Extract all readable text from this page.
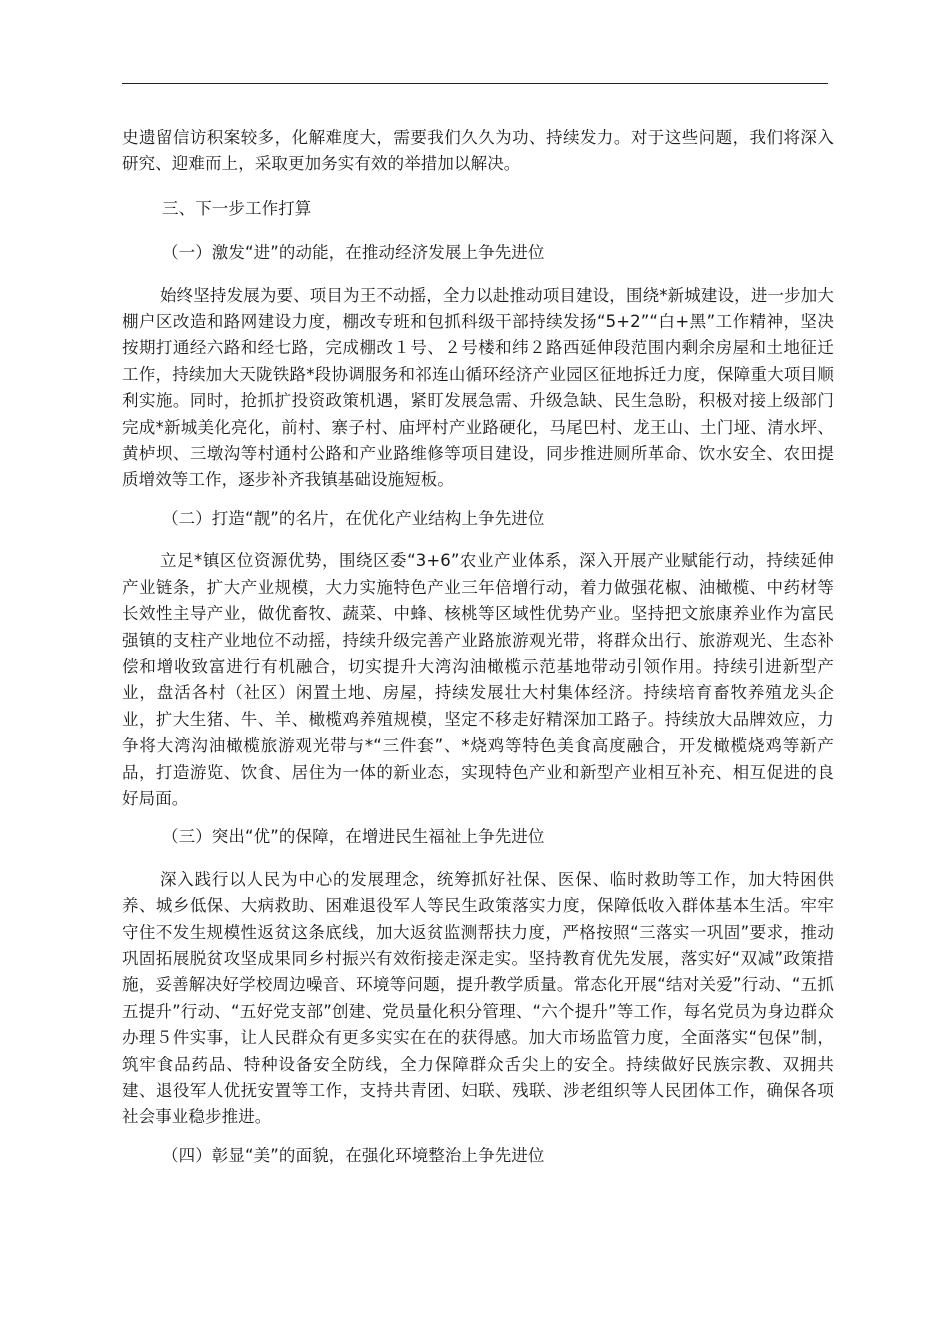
史遗留信访积案较多，化解难度大，需要我们久久为功、持续发力。对于这些问题，我们将深入研究、迎难而上，采取更加务实有效的举措加以解决。

三、下一步工作打算

（一）激发“进”的动能，在推动经济发展上争先进位

始终坚持发展为要、项目为王不动摇，全力以赴推动项目建设，围绕*新城建设，进一步加大棚户区改造和路网建设力度，棚改专班和包抓科级干部持续发扬“5+2”“白+黑”工作精神，坚决按期打通经六路和经七路，完成棚改１号、２号楼和纬２路西延伸段范围内剩余房屋和土地征迁工作，持续加大天陇铁路*段协调服务和祁连山循环经济产业园区征地拆迁力度，保障重大项目顺利实施。同时，抢抓扩投资政策机遇，紧盯发展急需、升级急缺、民生急盼，积极对接上级部门完成*新城美化亮化，前村、寨子村、庙坪村产业路硬化，马尾巴村、龙王山、土门垭、清水坪、黄栌坝、三墩沟等村通村公路和产业路维修等项目建设，同步推进厕所革命、饮水安全、农田提质增效等工作，逐步补齐我镇基础设施短板。

（二）打造“靓”的名片，在优化产业结构上争先进位

立足*镇区位资源优势，围绕区委“3+6”农业产业体系，深入开展产业赋能行动，持续延伸产业链条，扩大产业规模，大力实施特色产业三年倍增行动，着力做强花椒、油橄榄、中药材等长效性主导产业，做优畜牧、蔬菜、中蜂、核桃等区域性优势产业。坚持把文旅康养业作为富民强镇的支柱产业地位不动摇，持续升级完善产业路旅游观光带，将群众出行、旅游观光、生态补偿和增收致富进行有机融合，切实提升大湾沟油橄榄示范基地带动引领作用。持续引进新型产业，盘活各村（社区）闲置土地、房屋，持续发展壮大村集体经济。持续培育畜牧养殖龙头企业，扩大生猪、牛、羊、橄榄鸡养殖规模，坚定不移走好精深加工路子。持续放大品牌效应，力争将大湾沟油橄榄旅游观光带与*“三件套”、*烧鸡等特色美食高度融合，开发橄榄烧鸡等新产品，打造游览、饮食、居住为一体的新业态，实现特色产业和新型产业相互补充、相互促进的良好局面。

（三）突出“优”的保障，在增进民生福祉上争先进位

深入践行以人民为中心的发展理念，统筹抓好社保、医保、临时救助等工作，加大特困供养、城乡低保、大病救助、困难退役军人等民生政策落实力度，保障低收入群体基本生活。牢牢守住不发生规模性返贫这条底线，加大返贫监测帮扶力度，严格按照“三落实一巩固”要求，推动巩固拓展脱贫攻坚成果同乡村振兴有效衔接走深走实。坚持教育优先发展，落实好“双减”政策措施，妥善解决好学校周边噪音、环境等问题，提升教学质量。常态化开展“结对关爱”行动、“五抓五提升”行动、“五好党支部”创建、党员量化积分管理、“六个提升”等工作，每名党员为身边群众办理５件实事，让人民群众有更多实实在在的获得感。加大市场监管力度，全面落实“包保”制，筑牢食品药品、特种设备安全防线，全力保障群众舌尖上的安全。持续做好民族宗教、双拥共建、退役军人优抚安置等工作，支持共青团、妇联、残联、涉老组织等人民团体工作，确保各项社会事业稳步推进。

（四）彰显“美”的面貌，在强化环境整治上争先进位
